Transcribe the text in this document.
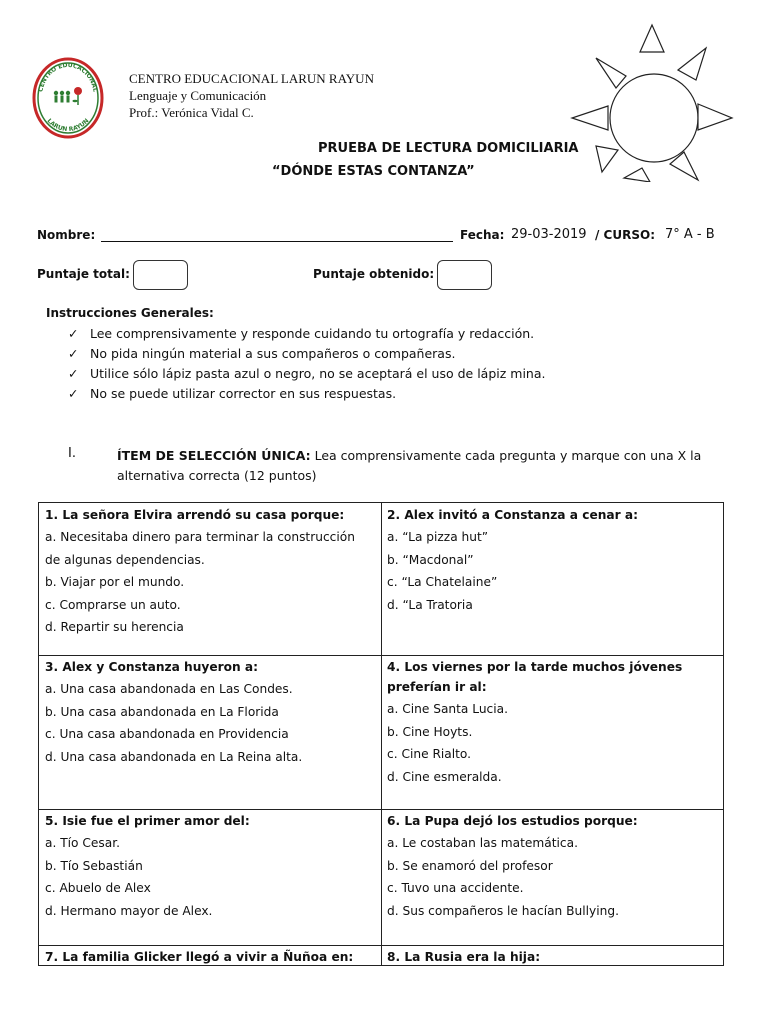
CENTRO EDUCACIONAL
LARUN RAYUN
CENTRO EDUCACIONAL LARUN RAYUN
Lenguaje y Comunicación
Prof.: Verónica Vidal C.
PRUEBA DE LECTURA DOMICILIARIA
“DÓNDE ESTAS CONTANZA”
Nombre:	Fecha: 29-03-2019 / CURSO: 7° A - B
Puntaje total:	Puntaje obtenido:
Instrucciones Generales:
✓ Lee comprensivamente y responde cuidando tu ortografía y redacción.
✓ No pida ningún material a sus compañeros o compañeras.
✓ Utilice sólo lápiz pasta azul o negro, no se aceptará el uso de lápiz mina.
✓ No se puede utilizar corrector en sus respuestas.
I.	ÍTEM DE SELECCIÓN ÚNICA: Lea comprensivamente cada pregunta y marque con una X la alternativa correcta (12 puntos)
1. La señora Elvira arrendó su casa porque:
a. Necesitaba dinero para terminar la construcción
de algunas dependencias.
b. Viajar por el mundo.
c. Comprarse un auto.
d. Repartir su herencia
2. Alex invitó a Constanza a cenar a:
a. “La pizza hut”
b. “Macdonal”
c. “La Chatelaine”
d. “La Tratoria
3. Alex y Constanza huyeron a:
a. Una casa abandonada en Las Condes.
b. Una casa abandonada en La Florida
c. Una casa abandonada en Providencia
d. Una casa abandonada en La Reina alta.
4. Los viernes por la tarde muchos jóvenes preferían ir al:
a. Cine Santa Lucia.
b. Cine Hoyts.
c. Cine Rialto.
d. Cine esmeralda.
5. Isie fue el primer amor del:
a. Tío Cesar.
b. Tío Sebastián
c. Abuelo de Alex
d. Hermano mayor de Alex.
6. La Pupa dejó los estudios porque:
a. Le costaban las matemática.
b. Se enamoró del profesor
c. Tuvo una accidente.
d. Sus compañeros le hacían Bullying.
7. La familia Glicker llegó a vivir a Ñuñoa en:	8. La Rusia era la hija:
